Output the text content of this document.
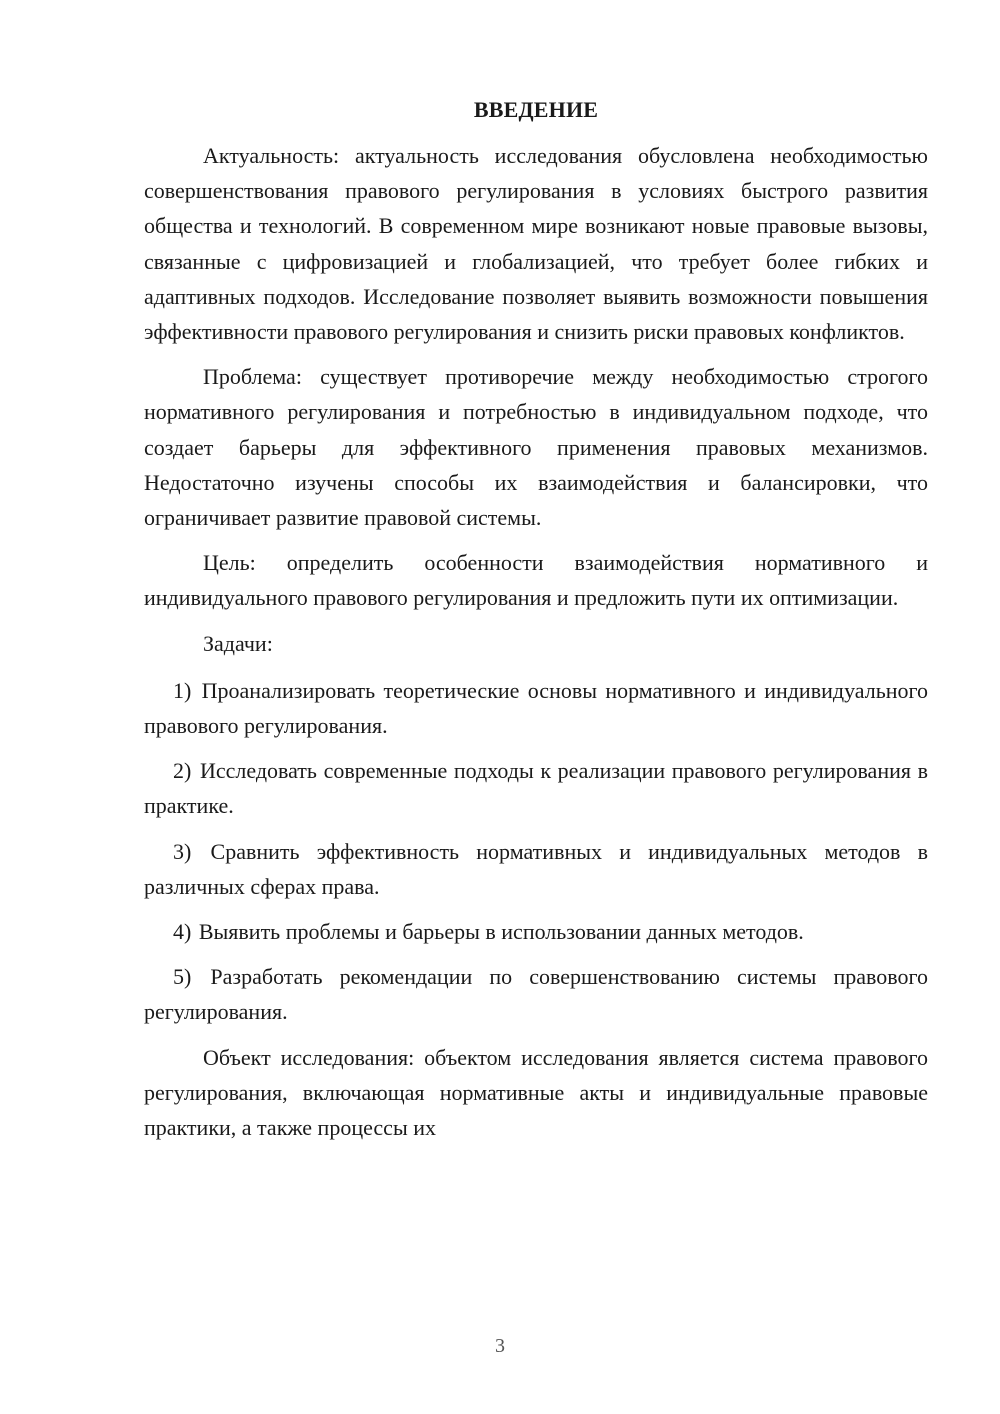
ВВЕДЕНИЕ

Актуальность: актуальность исследования обусловлена необходимостью совершенствования правового регулирования в условиях быстрого развития общества и технологий. В современном мире возникают новые правовые вызовы, связанные с цифровизацией и глобализацией, что требует более гибких и адаптивных подходов. Исследование позволяет выявить возможности повышения эффективности правового регулирования и снизить риски правовых конфликтов.

Проблема: существует противоречие между необходимостью строгого нормативного регулирования и потребностью в индивидуальном подходе, что создает барьеры для эффективного применения правовых механизмов. Недостаточно изучены способы их взаимодействия и балансировки, что ограничивает развитие правовой системы.

Цель: определить особенности взаимодействия нормативного и индивидуального правового регулирования и предложить пути их оптимизации.

Задачи:

1) Проанализировать теоретические основы нормативного и индивидуального правового регулирования.

2) Исследовать современные подходы к реализации правового регулирования в практике.

3) Сравнить эффективность нормативных и индивидуальных методов в различных сферах права.

4) Выявить проблемы и барьеры в использовании данных методов.

5) Разработать рекомендации по совершенствованию системы правового регулирования.

Объект исследования: объектом исследования является система правового регулирования, включающая нормативные акты и индивидуальные правовые практики, а также процессы их

3
